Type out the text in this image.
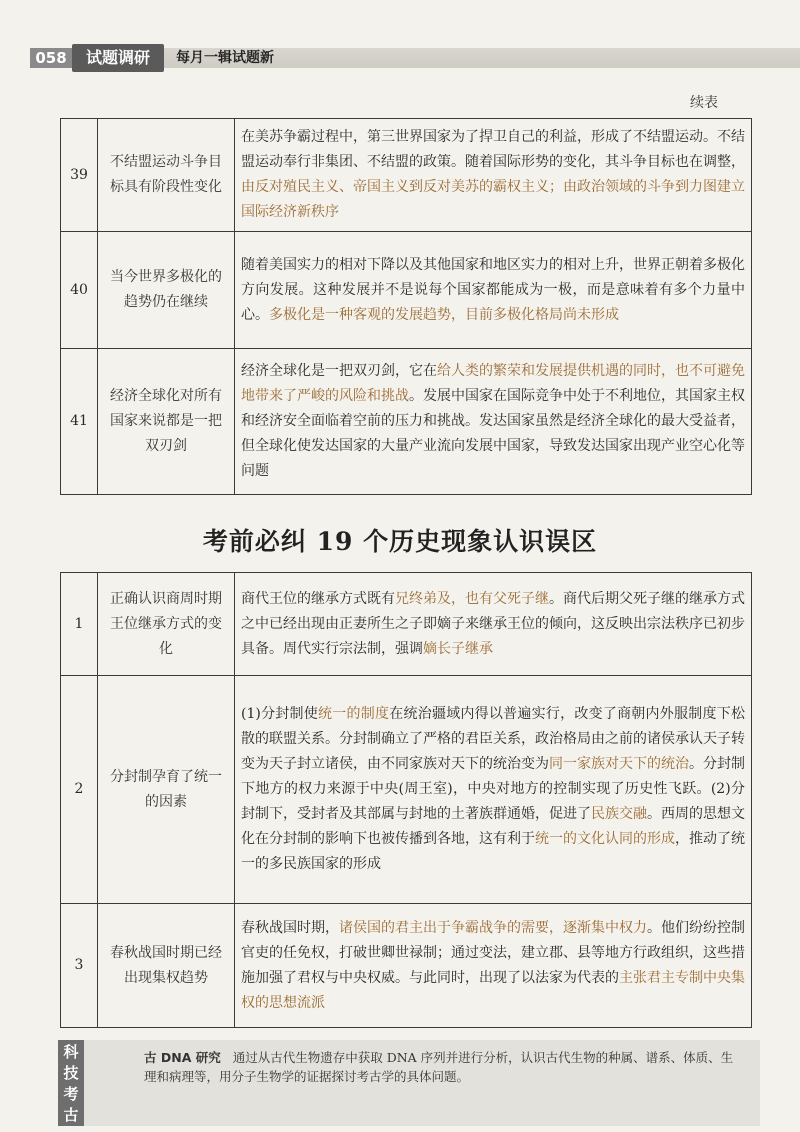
058	试题调研	每月一辑试题新
续表
39	不结盟运动斗争目标具有阶段性变化	在美苏争霸过程中，第三世界国家为了捍卫自己的利益，形成了不结盟运动。不结盟运动奉行非集团、不结盟的政策。随着国际形势的变化，其斗争目标也在调整，由反对殖民主义、帝国主义到反对美苏的霸权主义；由政治领域的斗争到力图建立国际经济新秩序
40	当今世界多极化的趋势仍在继续	随着美国实力的相对下降以及其他国家和地区实力的相对上升，世界正朝着多极化方向发展。这种发展并不是说每个国家都能成为一极，而是意味着有多个力量中心。多极化是一种客观的发展趋势，目前多极化格局尚未形成
41	经济全球化对所有国家来说都是一把双刃剑	经济全球化是一把双刃剑，它在给人类的繁荣和发展提供机遇的同时，也不可避免地带来了严峻的风险和挑战。发展中国家在国际竞争中处于不利地位，其国家主权和经济安全面临着空前的压力和挑战。发达国家虽然是经济全球化的最大受益者，但全球化使发达国家的大量产业流向发展中国家，导致发达国家出现产业空心化等问题
考前必纠 19 个历史现象认识误区
1	正确认识商周时期王位继承方式的变化	商代王位的继承方式既有兄终弟及，也有父死子继。商代后期父死子继的继承方式之中已经出现由正妻所生之子即嫡子来继承王位的倾向，这反映出宗法秩序已初步具备。周代实行宗法制，强调嫡长子继承
2	分封制孕育了统一的因素	(1)分封制使统一的制度在统治疆域内得以普遍实行，改变了商朝内外服制度下松散的联盟关系。分封制确立了严格的君臣关系，政治格局由之前的诸侯承认天子转变为天子封立诸侯，由不同家族对天下的统治变为同一家族对天下的统治。分封制下地方的权力来源于中央(周王室)，中央对地方的控制实现了历史性飞跃。(2)分封制下，受封者及其部属与封地的土著族群通婚，促进了民族交融。西周的思想文化在分封制的影响下也被传播到各地，这有利于统一的文化认同的形成，推动了统一的多民族国家的形成
3	春秋战国时期已经出现集权趋势	春秋战国时期，诸侯国的君主出于争霸战争的需要，逐渐集中权力。他们纷纷控制官吏的任免权，打破世卿世禄制；通过变法，建立郡、县等地方行政组织，这些措施加强了君权与中央权威。与此同时，出现了以法家为代表的主张君主专制中央集权的思想流派
科
技
考
古
古 DNA 研究 通过从古代生物遗存中获取 DNA 序列并进行分析，认识古代生物的种属、谱系、体质、生理和病理等，用分子生物学的证据探讨考古学的具体问题。
